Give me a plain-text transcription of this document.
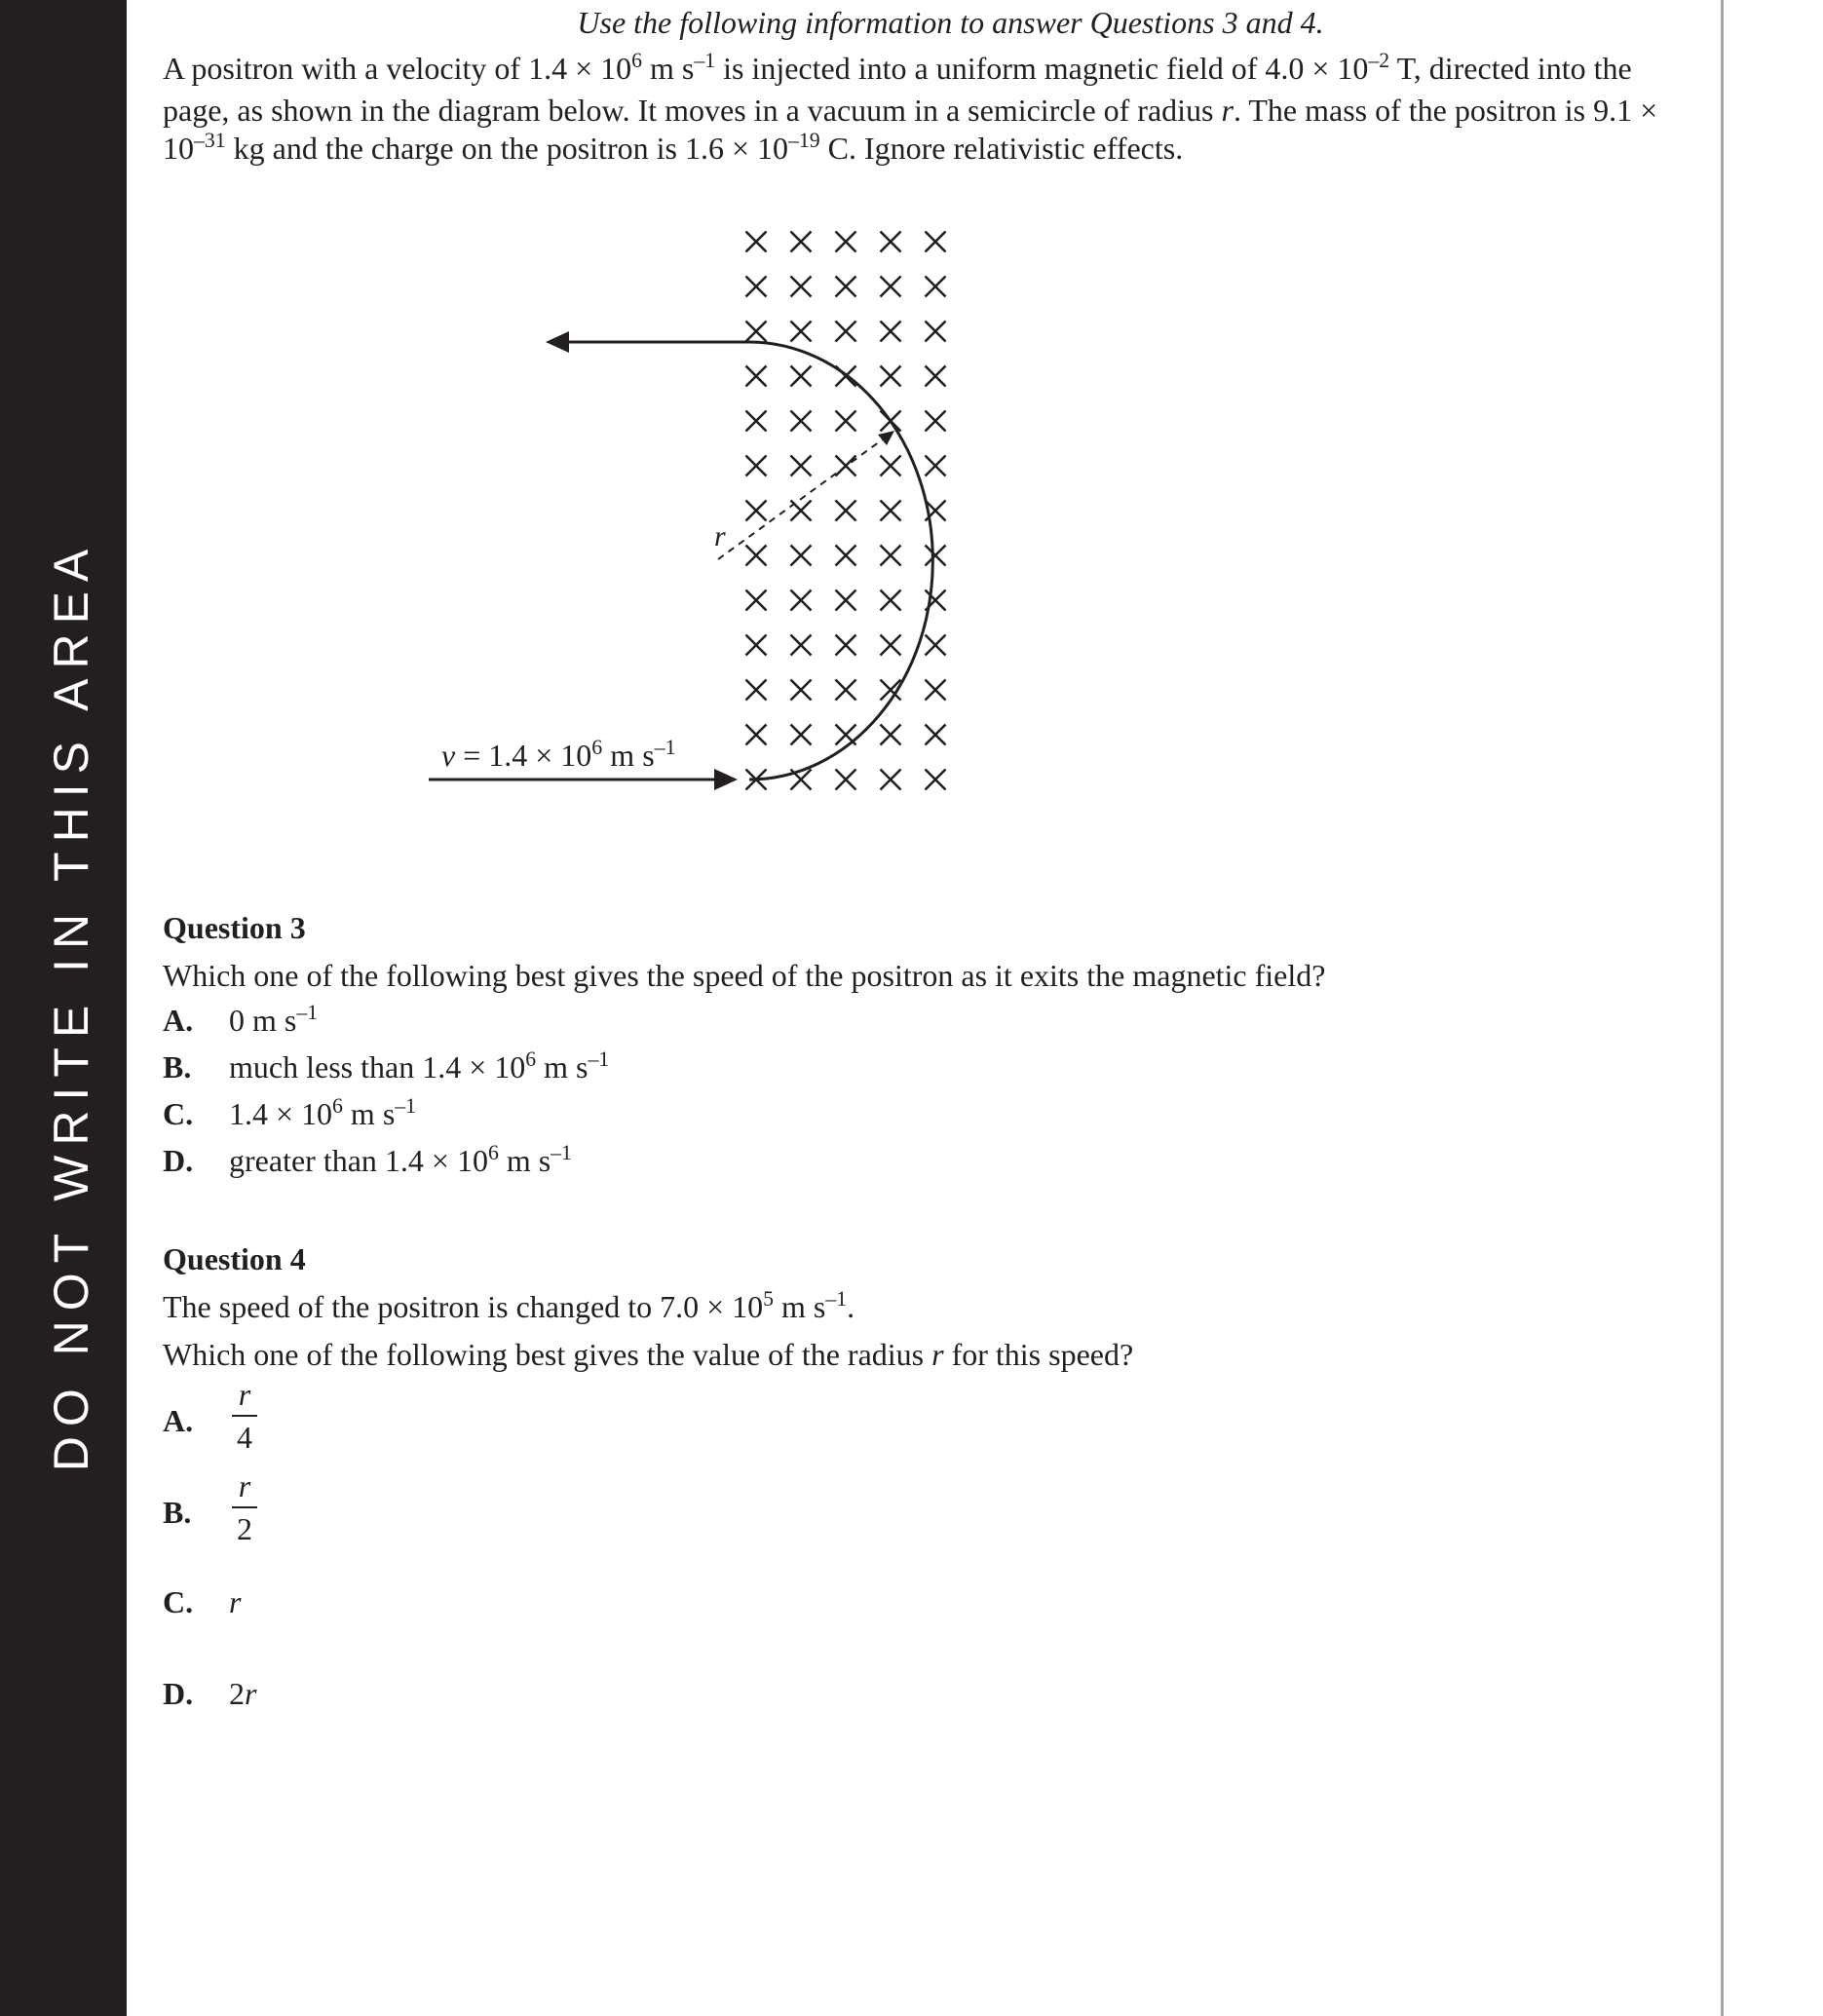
DO NOT WRITE IN THIS AREA
Use the following information to answer Questions 3 and 4.
A positron with a velocity of $1.4 \times 10^6$ m $s^{-1}$ is injected into a uniform magnetic field of $4.0 \times 10^{-2}$ T, directed into the page, as shown in the diagram below. It moves in a vacuum in a semicircle of radius r. The mass of the positron is $9.1 \times 10^{-31}$ kg and the charge on the positron is $1.6 \times 10^{-19}$ C. Ignore relativistic effects.
r
$v = 1.4 \times 10^6$ m $s^{-1}$
Question 3
Which one of the following best gives the speed of the positron as it exits the magnetic field?
A. 0 m $s^{-1}$
B. much less than $1.4 \times 10^6$ m $s^{-1}$
C. $1.4 \times 10^6$ m $s^{-1}$
D. greater than $1.4 \times 10^6$ m $s^{-1}$
Question 4
The speed of the positron is changed to $7.0 \times 10^5$ m $s^{-1}$.
Which one of the following best gives the value of the radius r for this speed?
A.
r
4
B.
r
2
C. r
D. 2r
